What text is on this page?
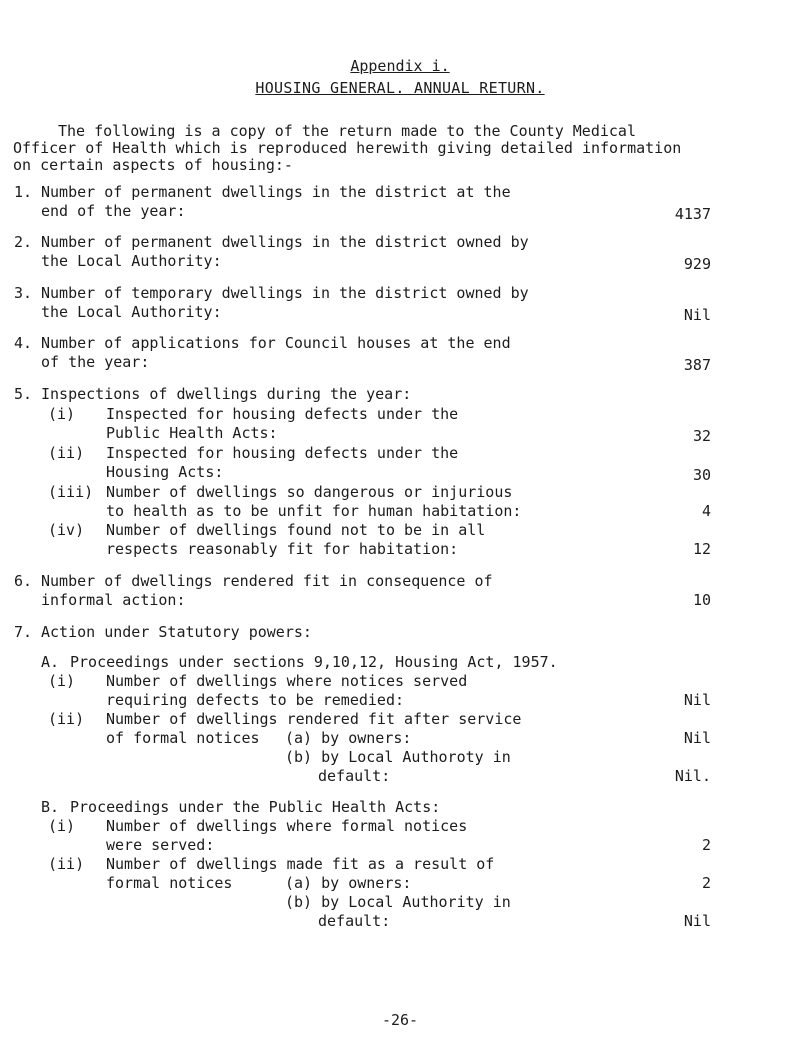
Appendix i.
HOUSING GENERAL. ANNUAL RETURN.
The following is a copy of the return made to the County Medical
Officer of Health which is reproduced herewith giving detailed information
on certain aspects of housing:-
1. Number of permanent dwellings in the district at the
end of the year:	4137
2. Number of permanent dwellings in the district owned by
the Local Authority:	929
3. Number of temporary dwellings in the district owned by
the Local Authority:	Nil
4. Number of applications for Council houses at the end
of the year:	387
5. Inspections of dwellings during the year:
(i) Inspected for housing defects under the
Public Health Acts:	32
(ii) Inspected for housing defects under the
Housing Acts:	30
(iii) Number of dwellings so dangerous or injurious
to health as to be unfit for human habitation:	4
(iv) Number of dwellings found not to be in all
respects reasonably fit for habitation:	12
6. Number of dwellings rendered fit in consequence of
informal action:	10
7. Action under Statutory powers:
A. Proceedings under sections 9,10,12, Housing Act, 1957.
(i) Number of dwellings where notices served
requiring defects to be remedied:	Nil
(ii) Number of dwellings rendered fit after service
of formal notices (a) by owners:	Nil
(b) by Local Authoroty in
default:	Nil.
B. Proceedings under the Public Health Acts:
(i) Number of dwellings where formal notices
were served:	2
(ii) Number of dwellings made fit as a result of
formal notices	(a) by owners:	2
(b) by Local Authority in
default:	Nil
-26-
